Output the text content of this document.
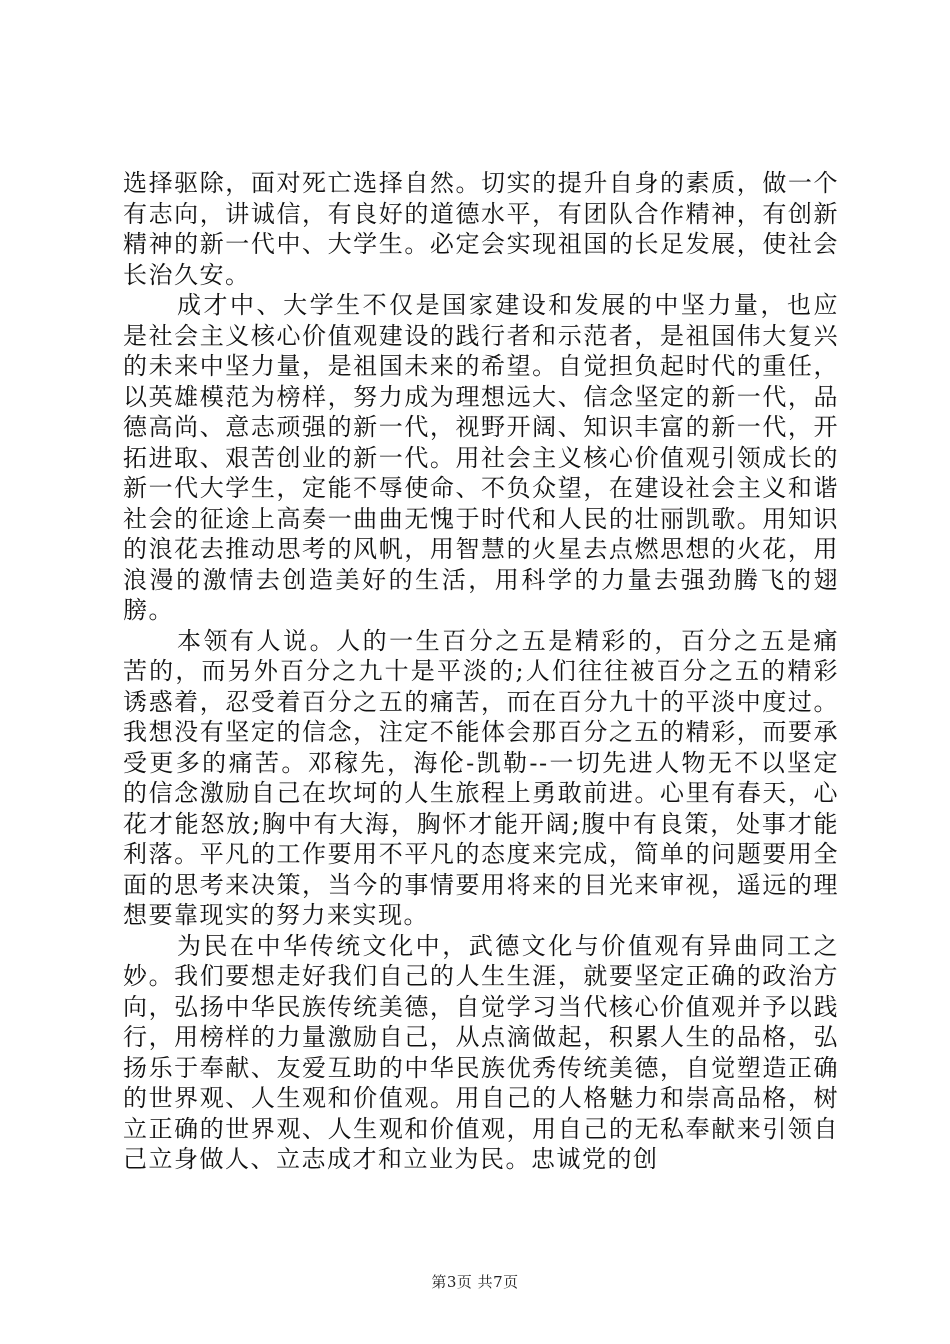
选择驱除，面对死亡选择自然。切实的提升自身的素质，做一个有志向，讲诚信，有良好的道德水平，有团队合作精神，有创新精神的新一代中、大学生。必定会实现祖国的长足发展，使社会长治久安。

成才中、大学生不仅是国家建设和发展的中坚力量，也应是社会主义核心价值观建设的践行者和示范者，是祖国伟大复兴的未来中坚力量，是祖国未来的希望。自觉担负起时代的重任，以英雄模范为榜样，努力成为理想远大、信念坚定的新一代，品德高尚、意志顽强的新一代，视野开阔、知识丰富的新一代，开拓进取、艰苦创业的新一代。用社会主义核心价值观引领成长的新一代大学生，定能不辱使命、不负众望，在建设社会主义和谐社会的征途上高奏一曲曲无愧于时代和人民的壮丽凯歌。用知识的浪花去推动思考的风帆，用智慧的火星去点燃思想的火花，用浪漫的激情去创造美好的生活，用科学的力量去强劲腾飞的翅膀。

本领有人说。人的一生百分之五是精彩的，百分之五是痛苦的，而另外百分之九十是平淡的;人们往往被百分之五的精彩诱惑着，忍受着百分之五的痛苦，而在百分九十的平淡中度过。我想没有坚定的信念，注定不能体会那百分之五的精彩，而要承受更多的痛苦。邓稼先，海伦-凯勒--一切先进人物无不以坚定的信念激励自己在坎坷的人生旅程上勇敢前进。心里有春天，心花才能怒放;胸中有大海，胸怀才能开阔;腹中有良策，处事才能利落。平凡的工作要用不平凡的态度来完成，简单的问题要用全面的思考来决策，当今的事情要用将来的目光来审视，遥远的理想要靠现实的努力来实现。

为民在中华传统文化中，武德文化与价值观有异曲同工之妙。我们要想走好我们自己的人生生涯，就要坚定正确的政治方向，弘扬中华民族传统美德，自觉学习当代核心价值观并予以践行，用榜样的力量激励自己，从点滴做起，积累人生的品格，弘扬乐于奉献、友爱互助的中华民族优秀传统美德，自觉塑造正确的世界观、人生观和价值观。用自己的人格魅力和崇高品格，树立正确的世界观、人生观和价值观，用自己的无私奉献来引领自己立身做人、立志成才和立业为民。忠诚党的创

第3页 共7页
